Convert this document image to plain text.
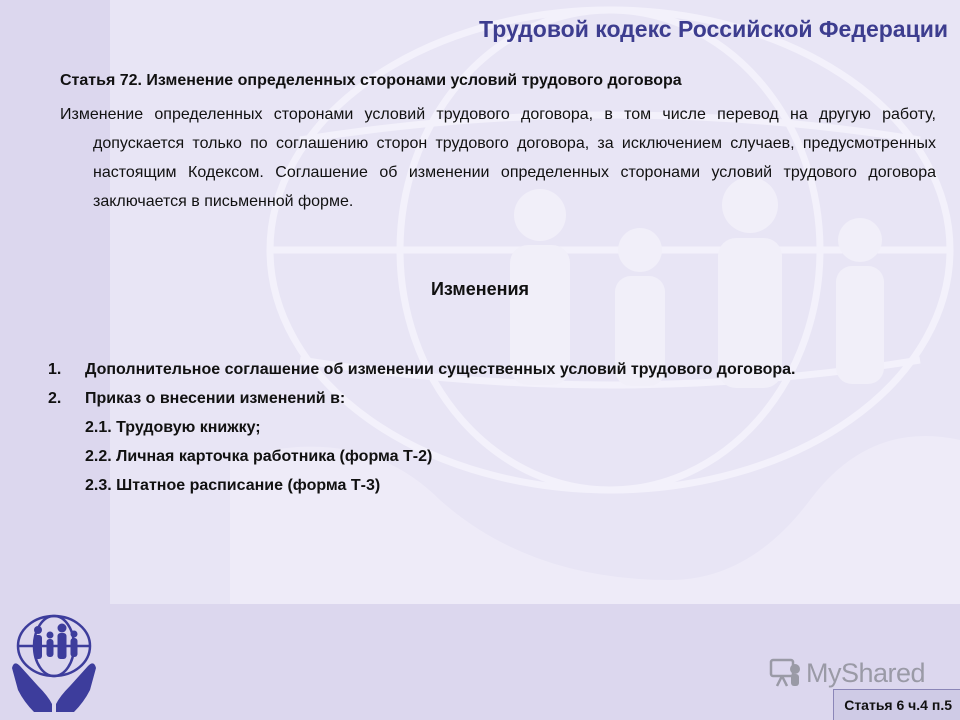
Трудовой кодекс Российской Федерации

Статья 72. Изменение определенных сторонами условий трудового договора

Изменение определенных сторонами условий трудового договора, в том числе перевод на другую работу, допускается только по соглашению сторон трудового договора, за исключением случаев, предусмотренных настоящим Кодексом. Соглашение об изменении определенных сторонами условий трудового договора заключается в письменной форме.

Изменения

1.	Дополнительное соглашение об изменении существенных условий трудового договора.
2.	Приказ о внесении изменений в:
2.1. Трудовую книжку;
2.2. Личная карточка работника (форма Т-2)
2.3. Штатное расписание (форма Т-3)
MyShared
Статья 6 ч.4 п.5
